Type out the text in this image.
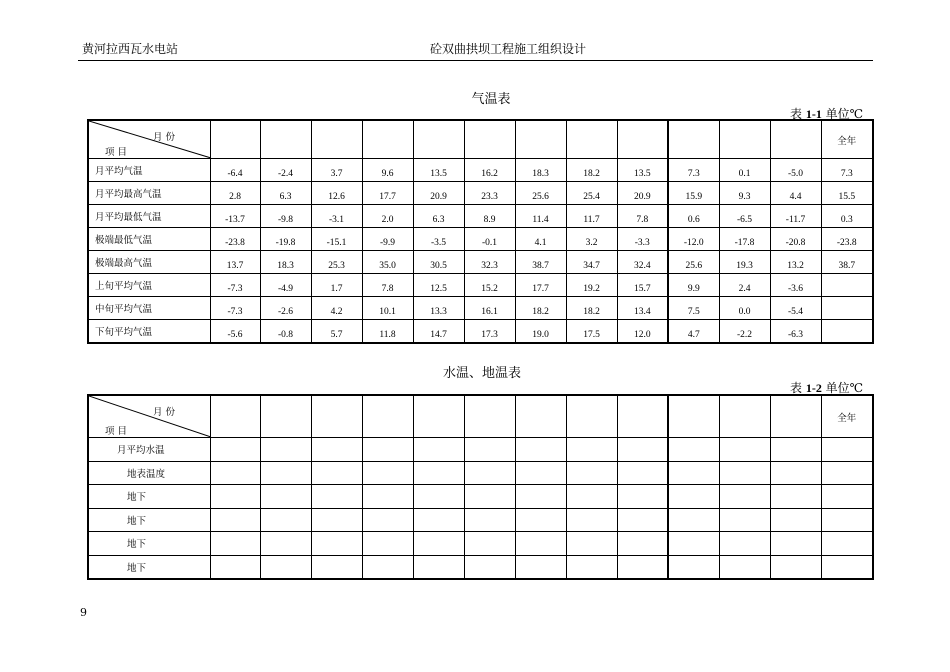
黄河拉西瓦水电站	砼双曲拱坝工程施工组织设计
气温表
表 1-1 单位℃
月 份
项 目													全年
月平均气温	-6.4	-2.4	3.7	9.6	13.5	16.2	18.3	18.2	13.5	7.3	0.1	-5.0	7.3
月平均最高气温	2.8	6.3	12.6	17.7	20.9	23.3	25.6	25.4	20.9	15.9	9.3	4.4	15.5
月平均最低气温	-13.7	-9.8	-3.1	2.0	6.3	8.9	11.4	11.7	7.8	0.6	-6.5	-11.7	0.3
极端最低气温	-23.8	-19.8	-15.1	-9.9	-3.5	-0.1	4.1	3.2	-3.3	-12.0	-17.8	-20.8	-23.8
极端最高气温	13.7	18.3	25.3	35.0	30.5	32.3	38.7	34.7	32.4	25.6	19.3	13.2	38.7
上旬平均气温	-7.3	-4.9	1.7	7.8	12.5	15.2	17.7	19.2	15.7	9.9	2.4	-3.6	
中旬平均气温	-7.3	-2.6	4.2	10.1	13.3	16.1	18.2	18.2	13.4	7.5	0.0	-5.4	
下旬平均气温	-5.6	-0.8	5.7	11.8	14.7	17.3	19.0	17.5	12.0	4.7	-2.2	-6.3	
水温、地温表
表 1-2 单位℃
月 份
项 目													全年
月平均水温													
地表温度													
地下													
地下													
地下													
地下													
9
